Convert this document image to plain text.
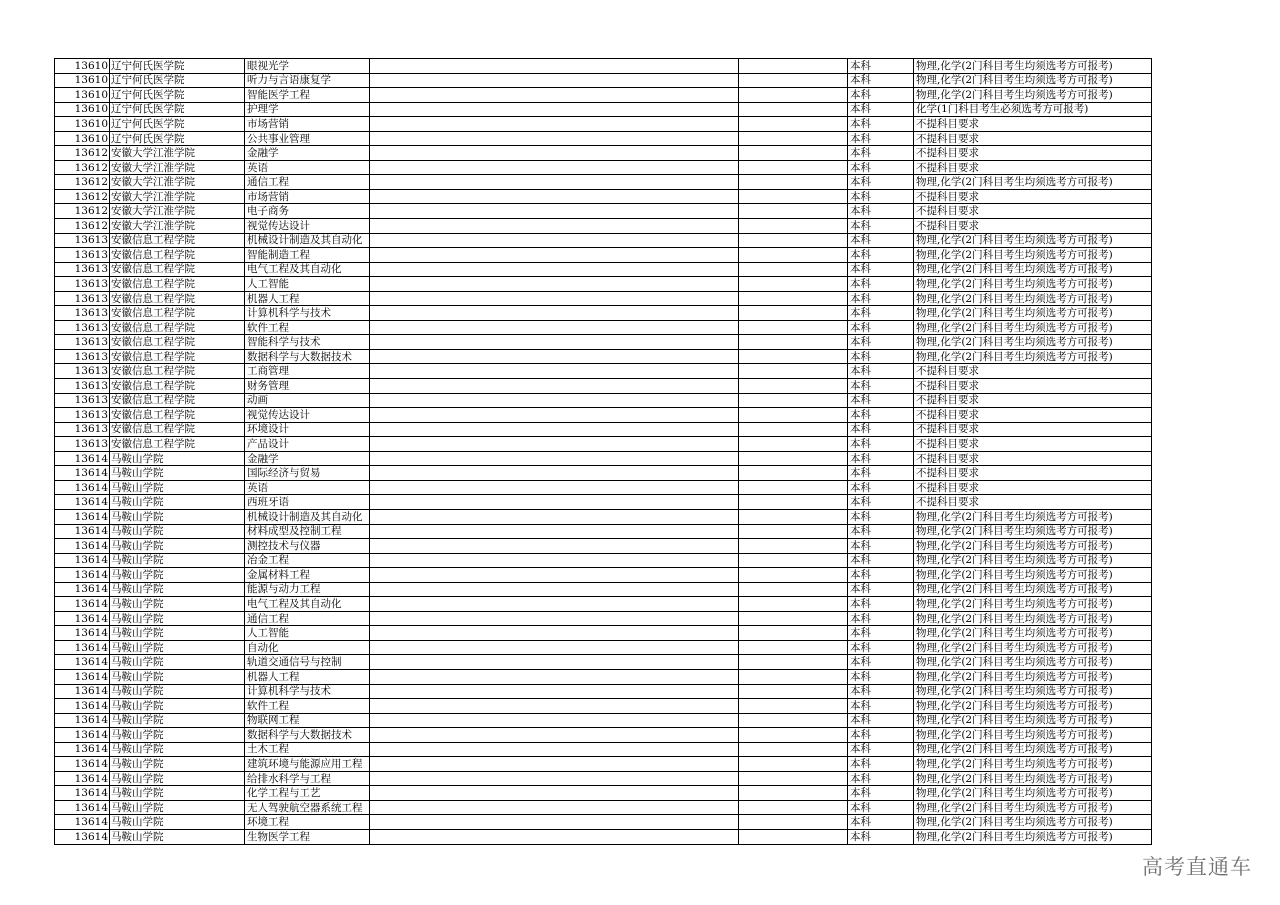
13610	辽宁何氏医学院	眼视光学			本科	物理,化学(2门科目考生均须选考方可报考)
13610	辽宁何氏医学院	听力与言语康复学			本科	物理,化学(2门科目考生均须选考方可报考)
13610	辽宁何氏医学院	智能医学工程			本科	物理,化学(2门科目考生均须选考方可报考)
13610	辽宁何氏医学院	护理学			本科	化学(1门科目考生必须选考方可报考)
13610	辽宁何氏医学院	市场营销			本科	不提科目要求
13610	辽宁何氏医学院	公共事业管理			本科	不提科目要求
13612	安徽大学江淮学院	金融学			本科	不提科目要求
13612	安徽大学江淮学院	英语			本科	不提科目要求
13612	安徽大学江淮学院	通信工程			本科	物理,化学(2门科目考生均须选考方可报考)
13612	安徽大学江淮学院	市场营销			本科	不提科目要求
13612	安徽大学江淮学院	电子商务			本科	不提科目要求
13612	安徽大学江淮学院	视觉传达设计			本科	不提科目要求
13613	安徽信息工程学院	机械设计制造及其自动化			本科	物理,化学(2门科目考生均须选考方可报考)
13613	安徽信息工程学院	智能制造工程			本科	物理,化学(2门科目考生均须选考方可报考)
13613	安徽信息工程学院	电气工程及其自动化			本科	物理,化学(2门科目考生均须选考方可报考)
13613	安徽信息工程学院	人工智能			本科	物理,化学(2门科目考生均须选考方可报考)
13613	安徽信息工程学院	机器人工程			本科	物理,化学(2门科目考生均须选考方可报考)
13613	安徽信息工程学院	计算机科学与技术			本科	物理,化学(2门科目考生均须选考方可报考)
13613	安徽信息工程学院	软件工程			本科	物理,化学(2门科目考生均须选考方可报考)
13613	安徽信息工程学院	智能科学与技术			本科	物理,化学(2门科目考生均须选考方可报考)
13613	安徽信息工程学院	数据科学与大数据技术			本科	物理,化学(2门科目考生均须选考方可报考)
13613	安徽信息工程学院	工商管理			本科	不提科目要求
13613	安徽信息工程学院	财务管理			本科	不提科目要求
13613	安徽信息工程学院	动画			本科	不提科目要求
13613	安徽信息工程学院	视觉传达设计			本科	不提科目要求
13613	安徽信息工程学院	环境设计			本科	不提科目要求
13613	安徽信息工程学院	产品设计			本科	不提科目要求
13614	马鞍山学院	金融学			本科	不提科目要求
13614	马鞍山学院	国际经济与贸易			本科	不提科目要求
13614	马鞍山学院	英语			本科	不提科目要求
13614	马鞍山学院	西班牙语			本科	不提科目要求
13614	马鞍山学院	机械设计制造及其自动化			本科	物理,化学(2门科目考生均须选考方可报考)
13614	马鞍山学院	材料成型及控制工程			本科	物理,化学(2门科目考生均须选考方可报考)
13614	马鞍山学院	测控技术与仪器			本科	物理,化学(2门科目考生均须选考方可报考)
13614	马鞍山学院	冶金工程			本科	物理,化学(2门科目考生均须选考方可报考)
13614	马鞍山学院	金属材料工程			本科	物理,化学(2门科目考生均须选考方可报考)
13614	马鞍山学院	能源与动力工程			本科	物理,化学(2门科目考生均须选考方可报考)
13614	马鞍山学院	电气工程及其自动化			本科	物理,化学(2门科目考生均须选考方可报考)
13614	马鞍山学院	通信工程			本科	物理,化学(2门科目考生均须选考方可报考)
13614	马鞍山学院	人工智能			本科	物理,化学(2门科目考生均须选考方可报考)
13614	马鞍山学院	自动化			本科	物理,化学(2门科目考生均须选考方可报考)
13614	马鞍山学院	轨道交通信号与控制			本科	物理,化学(2门科目考生均须选考方可报考)
13614	马鞍山学院	机器人工程			本科	物理,化学(2门科目考生均须选考方可报考)
13614	马鞍山学院	计算机科学与技术			本科	物理,化学(2门科目考生均须选考方可报考)
13614	马鞍山学院	软件工程			本科	物理,化学(2门科目考生均须选考方可报考)
13614	马鞍山学院	物联网工程			本科	物理,化学(2门科目考生均须选考方可报考)
13614	马鞍山学院	数据科学与大数据技术			本科	物理,化学(2门科目考生均须选考方可报考)
13614	马鞍山学院	土木工程			本科	物理,化学(2门科目考生均须选考方可报考)
13614	马鞍山学院	建筑环境与能源应用工程			本科	物理,化学(2门科目考生均须选考方可报考)
13614	马鞍山学院	给排水科学与工程			本科	物理,化学(2门科目考生均须选考方可报考)
13614	马鞍山学院	化学工程与工艺			本科	物理,化学(2门科目考生均须选考方可报考)
13614	马鞍山学院	无人驾驶航空器系统工程			本科	物理,化学(2门科目考生均须选考方可报考)
13614	马鞍山学院	环境工程			本科	物理,化学(2门科目考生均须选考方可报考)
13614	马鞍山学院	生物医学工程			本科	物理,化学(2门科目考生均须选考方可报考)
高考直通车
